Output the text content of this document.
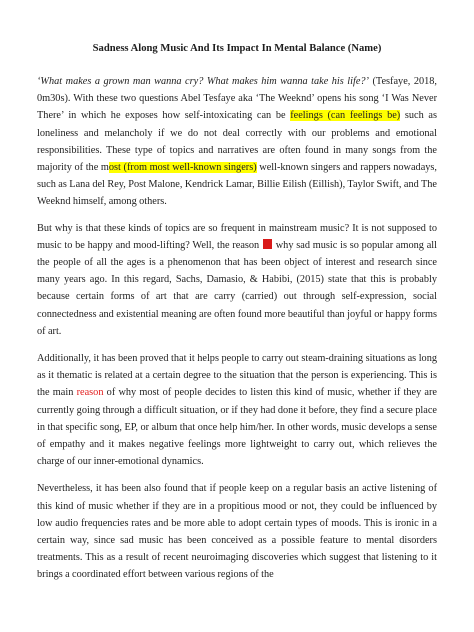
Sadness Along Music And Its Impact In Mental Balance (Name)

‘What makes a grown man wanna cry? What makes him wanna take his life?’ (Tesfaye, 2018, 0m30s). With these two questions Abel Tesfaye aka ‘The Weeknd’ opens his song ‘I Was Never There’ in which he exposes how self-intoxicating can be feelings (can feelings be) such as loneliness and melancholy if we do not deal correctly with our problems and emotional responsibilities. These type of topics and narratives are often found in many songs from the majority of the most (from most well-known singers) well-known singers and rappers nowadays, such as Lana del Rey, Post Malone, Kendrick Lamar, Billie Eilish (Eillish), Taylor Swift, and The Weeknd himself, among others.

But why is that these kinds of topics are so frequent in mainstream music? It is not supposed to music to be happy and mood-lifting? Well, the reason  why sad music is so popular among all the people of all the ages is a phenomenon that has been object of interest and research since many years ago. In this regard, Sachs, Damasio, & Habibi, (2015) state that this is probably because certain forms of art that are carry (carried) out through self-expression, social connectedness and existential meaning are often found more beautiful than joyful or happy forms of art.

Additionally, it has been proved that it helps people to carry out steam-draining situations as long as it thematic is related at a certain degree to the situation that the person is experiencing. This is the main reason of why most of people decides to listen this kind of music, whether if they are currently going through a difficult situation, or if they had done it before, they find a secure place in that specific song, EP, or album that once help him/her. In other words, music develops a sense of empathy and it makes negative feelings more lightweight to carry out, which relieves the charge of our inner-emotional dynamics.

Nevertheless, it has been also found that if people keep on a regular basis an active listening of this kind of music whether if they are in a propitious mood or not, they could be influenced by low audio frequencies rates and be more able to adopt certain types of moods. This is ironic in a certain way, since sad music has been conceived as a possible feature to mental disorders treatments. This as a result of recent neuroimaging discoveries which suggest that listening to it brings a coordinated effort between various regions of the
